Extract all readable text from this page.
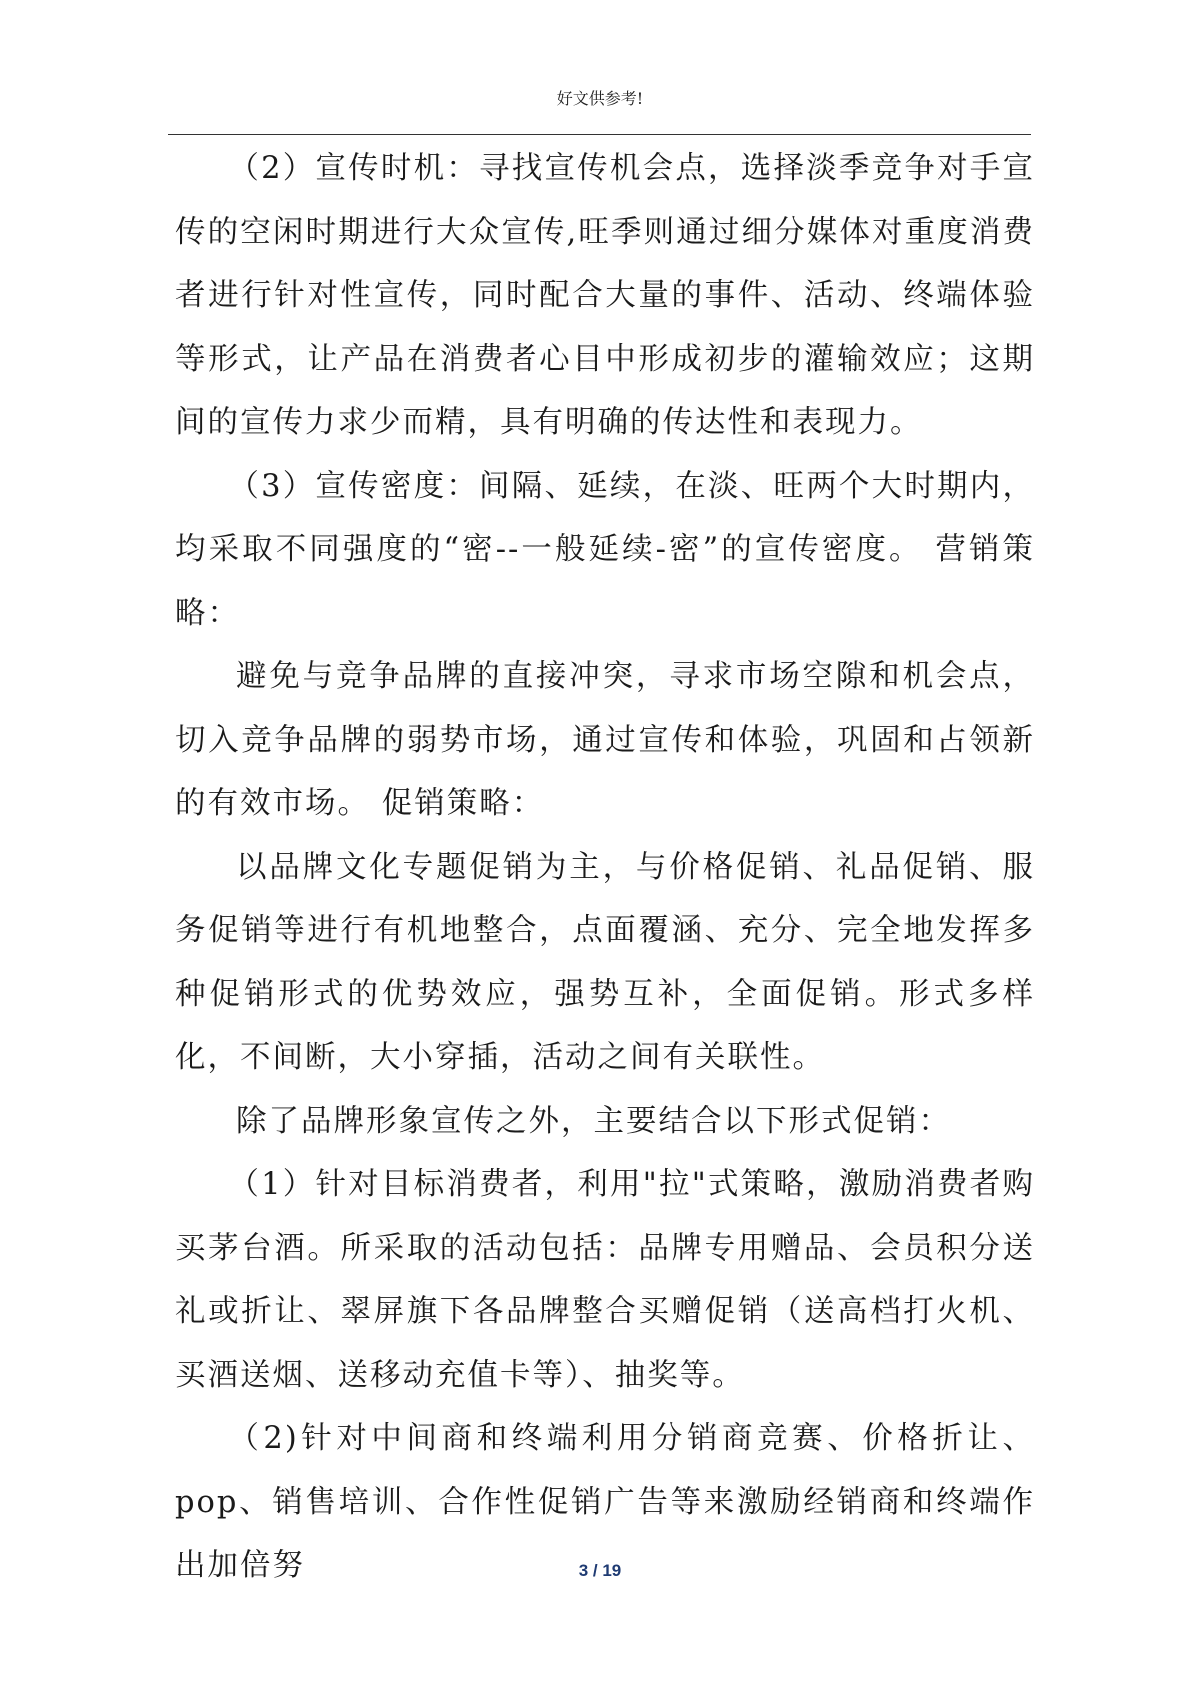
好文供参考!

（2）宣传时机：寻找宣传机会点，选择淡季竞争对手宣传的空闲时期进行大众宣传,旺季则通过细分媒体对重度消费者进行针对性宣传，同时配合大量的事件、活动、终端体验等形式，让产品在消费者心目中形成初步的灌输效应；这期间的宣传力求少而精，具有明确的传达性和表现力。

（3）宣传密度：间隔、延续，在淡、旺两个大时期内，均采取不同强度的“密--一般延续-密”的宣传密度。 营销策略：

避免与竞争品牌的直接冲突，寻求市场空隙和机会点，切入竞争品牌的弱势市场，通过宣传和体验，巩固和占领新的有效市场。 促销策略：

以品牌文化专题促销为主，与价格促销、礼品促销、服务促销等进行有机地整合，点面覆涵、充分、完全地发挥多种促销形式的优势效应，强势互补，全面促销。形式多样化，不间断，大小穿插，活动之间有关联性。

除了品牌形象宣传之外，主要结合以下形式促销：

（1）针对目标消费者，利用"拉"式策略，激励消费者购买茅台酒。所采取的活动包括：品牌专用赠品、会员积分送礼或折让、翠屏旗下各品牌整合买赠促销（送高档打火机、买酒送烟、送移动充值卡等）、抽奖等。

（2)针对中间商和终端利用分销商竞赛、价格折让、pop、销售培训、合作性促销广告等来激励经销商和终端作出加倍努	3 / 19
